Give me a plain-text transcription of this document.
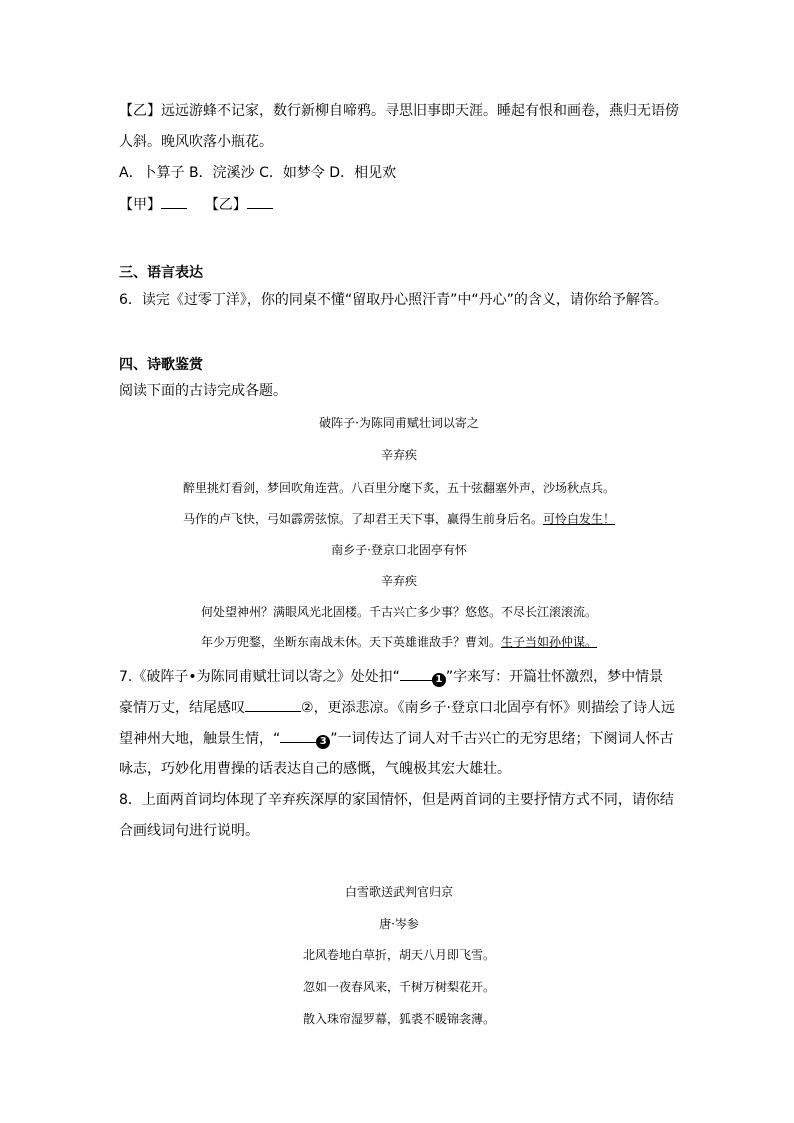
【乙】远远游蜂不记家，数行新柳自啼鸦。寻思旧事即天涯。睡起有恨和画卷，燕归无语傍
人斜。晚风吹落小瓶花。
A．卜算子 B．浣溪沙 C．如梦令 D．相见欢
【甲】	【乙】
三、语言表达
6．读完《过零丁洋》，你的同桌不懂“留取丹心照汗青”中“丹心”的含义，请你给予解答。
四、诗歌鉴赏
阅读下面的古诗完成各题。
破阵子·为陈同甫赋壮词以寄之
辛弃疾
醉里挑灯看剑，梦回吹角连营。八百里分麾下炙，五十弦翻塞外声，沙场秋点兵。
马作的卢飞快，弓如霹雳弦惊。了却君王天下事，赢得生前身后名。可怜白发生！
南乡子·登京口北固亭有怀
辛弃疾
何处望神州？满眼风光北固楼。千古兴亡多少事？悠悠。不尽长江滚滚流。
年少万兜鍪，坐断东南战未休。天下英雄谁敌手？曹刘。生子当如孙仲谋。
7.《破阵子•为陈同甫赋壮词以寄之》处处扣“	1 ”字来写：开篇壮怀激烈，梦中情景
豪情万丈，结尾感叹	②，更添悲凉。《南乡子·登京口北固亭有怀》则描绘了诗人远
望神州大地，触景生情，“	3 ”一词传达了词人对千古兴亡的无穷思绪；下阕词人怀古
咏志，巧妙化用曹操的话表达自己的感慨，气魄极其宏大雄壮。
8．上面两首词均体现了辛弃疾深厚的家国情怀，但是两首词的主要抒情方式不同，请你结
合画线词句进行说明。
白雪歌送武判官归京
唐·岑参
北风卷地白草折，胡天八月即飞雪。
忽如一夜春风来，千树万树梨花开。
散入珠帘湿罗幕，狐裘不暖锦衾薄。
